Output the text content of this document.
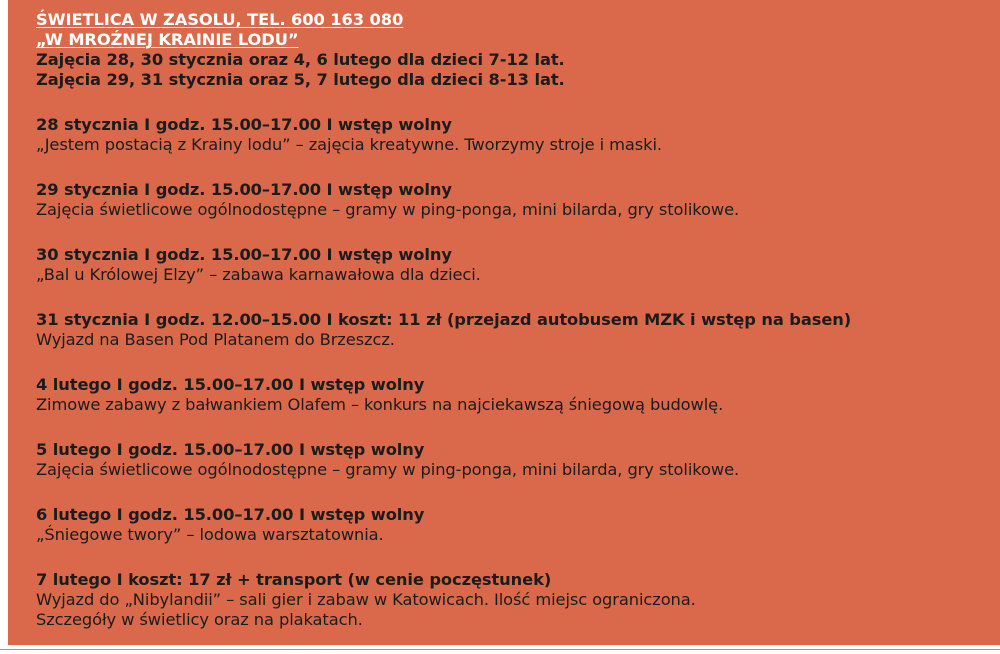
ŚWIETLICA W ZASOLU, TEL. 600 163 080
„W MROŹNEJ KRAINIE LODU”
Zajęcia 28, 30 stycznia oraz 4, 6 lutego dla dzieci 7-12 lat.
Zajęcia 29, 31 stycznia oraz 5, 7 lutego dla dzieci 8-13 lat.
28 stycznia I godz. 15.00–17.00 I wstęp wolny
„Jestem postacią z Krainy lodu” – zajęcia kreatywne. Tworzymy stroje i maski.
29 stycznia I godz. 15.00–17.00 I wstęp wolny
Zajęcia świetlicowe ogólnodostępne – gramy w ping-ponga, mini bilarda, gry stolikowe.
30 stycznia I godz. 15.00–17.00 I wstęp wolny
„Bal u Królowej Elzy” – zabawa karnawałowa dla dzieci.
31 stycznia I godz. 12.00–15.00 I koszt: 11 zł (przejazd autobusem MZK i wstęp na basen)
Wyjazd na Basen Pod Platanem do Brzeszcz.
4 lutego I godz. 15.00–17.00 I wstęp wolny
Zimowe zabawy z bałwankiem Olafem – konkurs na najciekawszą śniegową budowlę.
5 lutego I godz. 15.00–17.00 I wstęp wolny
Zajęcia świetlicowe ogólnodostępne – gramy w ping-ponga, mini bilarda, gry stolikowe.
6 lutego I godz. 15.00–17.00 I wstęp wolny
„Śniegowe twory” – lodowa warsztatownia.
7 lutego I koszt: 17 zł + transport (w cenie poczęstunek)
Wyjazd do „Nibylandii” – sali gier i zabaw w Katowicach. Ilość miejsc ograniczona.
Szczegóły w świetlicy oraz na plakatach.
